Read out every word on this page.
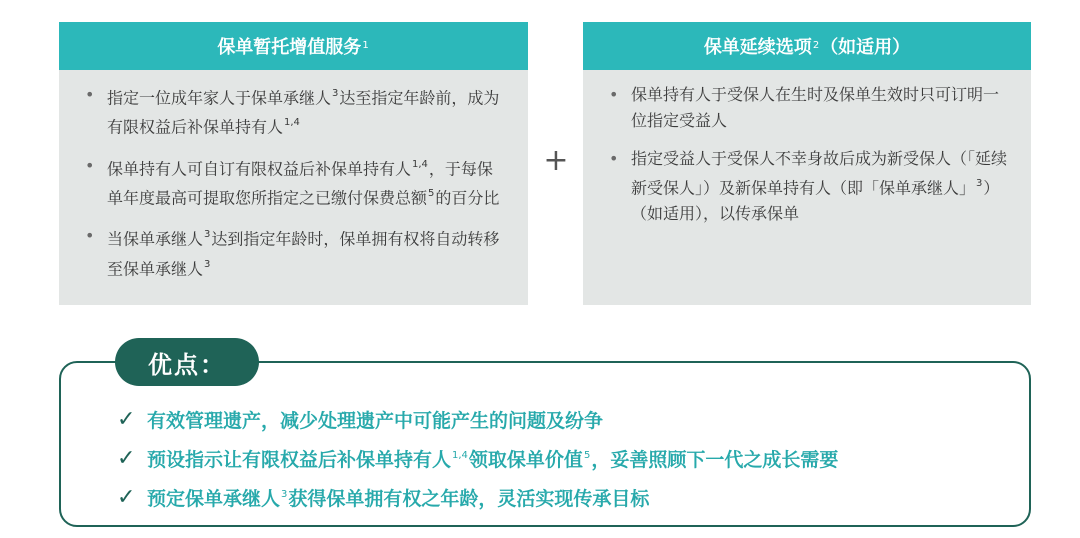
保单暂托增值服务$^1$
• 指定一位成年家人于保单承继人$^3$达至指定年龄前，成为有限权益后补保单持有人$^{1,4}$
• 保单持有人可自订有限权益后补保单持有人$^{1,4}$，于每保单年度最高可提取您所指定之已缴付保费总额$^5$的百分比
• 当保单承继人$^3$达到指定年龄时，保单拥有权将自动转移至保单承继人$^3$
+
保单延续选项$^2$ （如适用）
• 保单持有人于受保人在生时及保单生效时只可订明一位指定受益人
• 指定受益人于受保人不幸身故后成为新受保人（「延续新受保人」）及新保单持有人（即「保单承继人」$^3$）（如适用），以传承保单
优点：
✓ 有效管理遗产，减少处理遗产中可能产生的问题及纷争
✓ 预设指示让有限权益后补保单持有人$^{1,4}$领取保单价值$^5$，妥善照顾下一代之成长需要
✓ 预定保单承继人$^3$获得保单拥有权之年龄，灵活实现传承目标
